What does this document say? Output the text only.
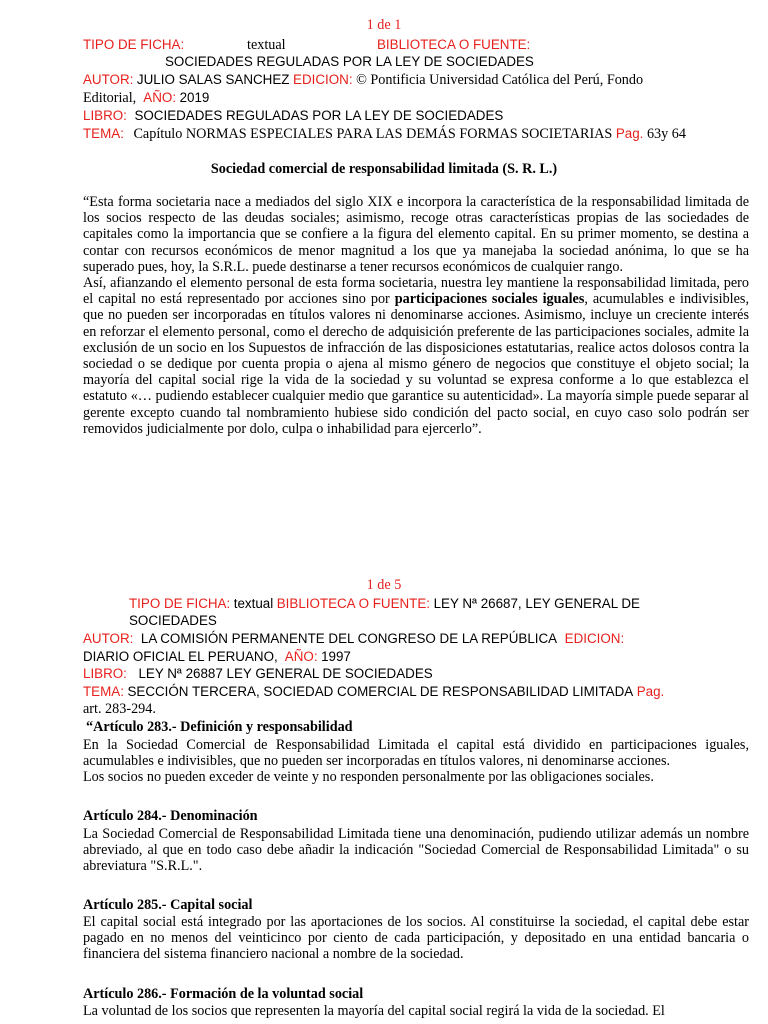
1 de 1
TIPO DE FICHA:	textual	BIBLIOTECA O FUENTE:
SOCIEDADES REGULADAS POR LA LEY DE SOCIEDADES
AUTOR: JULIO SALAS SANCHEZ EDICION: © Pontificia Universidad Católica del Perú, Fondo
Editorial, AÑO: 2019
LIBRO: SOCIEDADES REGULADAS POR LA LEY DE SOCIEDADES
TEMA: Capítulo NORMAS ESPECIALES PARA LAS DEMÁS FORMAS SOCIETARIAS Pag. 63y 64
Sociedad comercial de responsabilidad limitada (S. R. L.)

“Esta forma societaria nace a mediados del siglo XIX e incorpora la característica de la responsabilidad limitada de los socios respecto de las deudas sociales; asimismo, recoge otras características propias de las sociedades de capitales como la importancia que se confiere a la figura del elemento capital. En su primer momento, se destina a contar con recursos económicos de menor magnitud a los que ya manejaba la sociedad anónima, lo que se ha superado pues, hoy, la S.R.L. puede destinarse a tener recursos económicos de cualquier rango.

Así, afianzando el elemento personal de esta forma societaria, nuestra ley mantiene la responsabilidad limitada, pero el capital no está representado por acciones sino por participaciones sociales iguales, acumulables e indivisibles, que no pueden ser incorporadas en títulos valores ni denominarse acciones. Asimismo, incluye un creciente interés en reforzar el elemento personal, como el derecho de adquisición preferente de las participaciones sociales, admite la exclusión de un socio en los Supuestos de infracción de las disposiciones estatutarias, realice actos dolosos contra la sociedad o se dedique por cuenta propia o ajena al mismo género de negocios que constituye el objeto social; la mayoría del capital social rige la vida de la sociedad y su voluntad se expresa conforme a lo que establezca el estatuto «… pudiendo establecer cualquier medio que garantice su autenticidad». La mayoría simple puede separar al gerente excepto cuando tal nombramiento hubiese sido condición del pacto social, en cuyo caso solo podrán ser removidos judicialmente por dolo, culpa o inhabilidad para ejercerlo”.

1 de 5
TIPO DE FICHA: textual BIBLIOTECA O FUENTE: LEY Nª 26687, LEY GENERAL DE
SOCIEDADES
AUTOR: LA COMISIÓN PERMANENTE DEL CONGRESO DE LA REPÚBLICA EDICION:
DIARIO OFICIAL EL PERUANO, AÑO: 1997
LIBRO: LEY Nª 26887 LEY GENERAL DE SOCIEDADES
TEMA: SECCIÓN TERCERA, SOCIEDAD COMERCIAL DE RESPONSABILIDAD LIMITADA Pag.
art. 283-294.
“Artículo 283.- Definición y responsabilidad

En la Sociedad Comercial de Responsabilidad Limitada el capital está dividido en participaciones iguales, acumulables e indivisibles, que no pueden ser incorporadas en títulos valores, ni denominarse acciones.

Los socios no pueden exceder de veinte y no responden personalmente por las obligaciones sociales.

Artículo 284.- Denominación

La Sociedad Comercial de Responsabilidad Limitada tiene una denominación, pudiendo utilizar además un nombre abreviado, al que en todo caso debe añadir la indicación "Sociedad Comercial de Responsabilidad Limitada" o su abreviatura "S.R.L.".

Artículo 285.- Capital social

El capital social está integrado por las aportaciones de los socios. Al constituirse la sociedad, el capital debe estar pagado en no menos del veinticinco por ciento de cada participación, y depositado en una entidad bancaria o financiera del sistema financiero nacional a nombre de la sociedad.

Artículo 286.- Formación de la voluntad social

La voluntad de los socios que representen la mayoría del capital social regirá la vida de la sociedad. El
